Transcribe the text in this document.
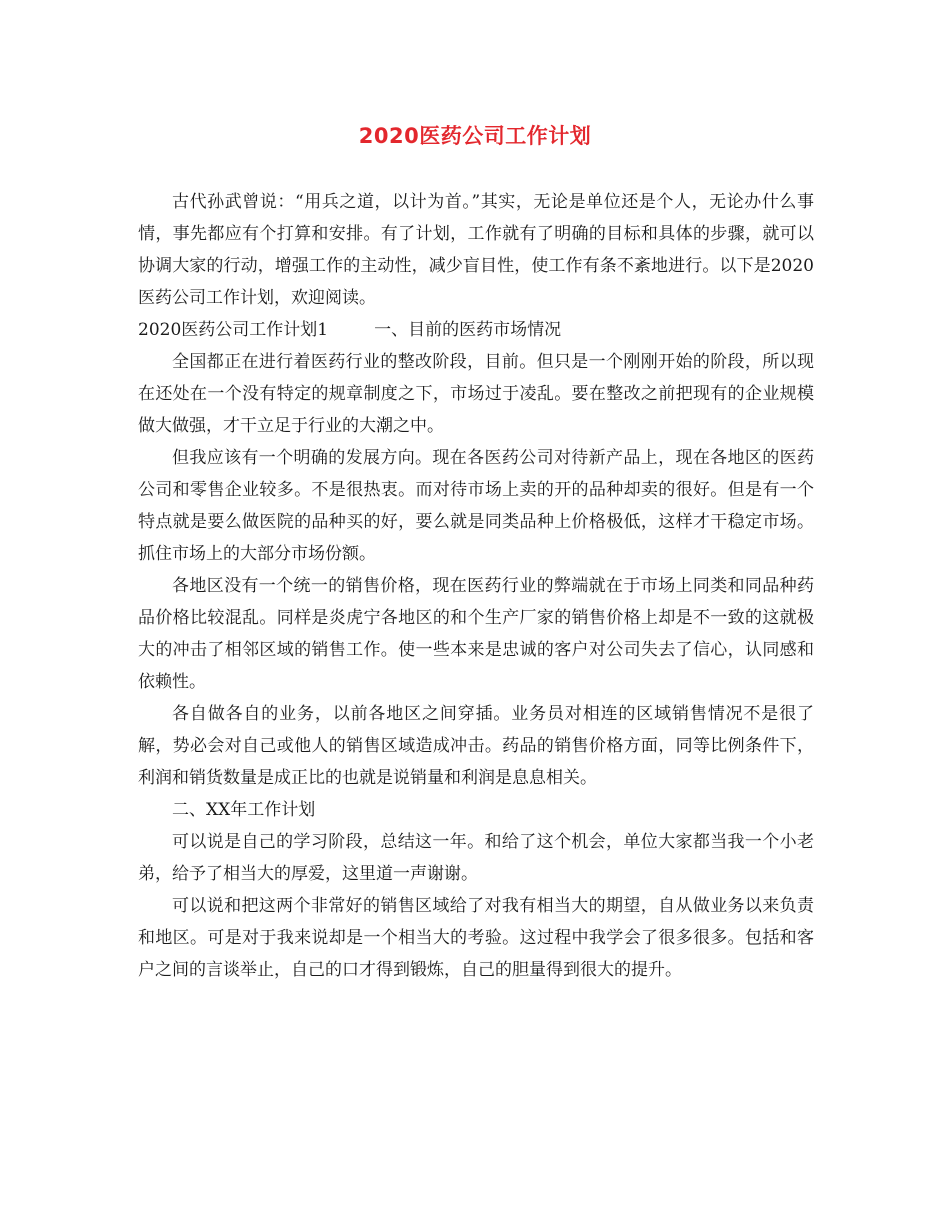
2020医药公司工作计划

古代孙武曾说：“用兵之道，以计为首。”其实，无论是单位还是个人，无论办什么事情，事先都应有个打算和安排。有了计划，工作就有了明确的目标和具体的步骤，就可以协调大家的行动，增强工作的主动性，减少盲目性，使工作有条不紊地进行。以下是2020医药公司工作计划，欢迎阅读。

2020医药公司工作计划1	一、目前的医药市场情况

全国都正在进行着医药行业的整改阶段，目前。但只是一个刚刚开始的阶段，所以现在还处在一个没有特定的规章制度之下，市场过于凌乱。要在整改之前把现有的企业规模做大做强，才干立足于行业的大潮之中。

但我应该有一个明确的发展方向。现在各医药公司对待新产品上，现在各地区的医药公司和零售企业较多。不是很热衷。而对待市场上卖的开的品种却卖的很好。但是有一个特点就是要么做医院的品种买的好，要么就是同类品种上价格极低，这样才干稳定市场。抓住市场上的大部分市场份额。

各地区没有一个统一的销售价格，现在医药行业的弊端就在于市场上同类和同品种药品价格比较混乱。同样是炎虎宁各地区的和个生产厂家的销售价格上却是不一致的这就极大的冲击了相邻区域的销售工作。使一些本来是忠诚的客户对公司失去了信心，认同感和依赖性。

各自做各自的业务，以前各地区之间穿插。业务员对相连的区域销售情况不是很了解，势必会对自己或他人的销售区域造成冲击。药品的销售价格方面，同等比例条件下，利润和销货数量是成正比的也就是说销量和利润是息息相关。

二、XX年工作计划

可以说是自己的学习阶段，总结这一年。和给了这个机会，单位大家都当我一个小老弟，给予了相当大的厚爱，这里道一声谢谢。

可以说和把这两个非常好的销售区域给了对我有相当大的期望，自从做业务以来负责和地区。可是对于我来说却是一个相当大的考验。这过程中我学会了很多很多。包括和客户之间的言谈举止，自己的口才得到锻炼，自己的胆量得到很大的提升。
